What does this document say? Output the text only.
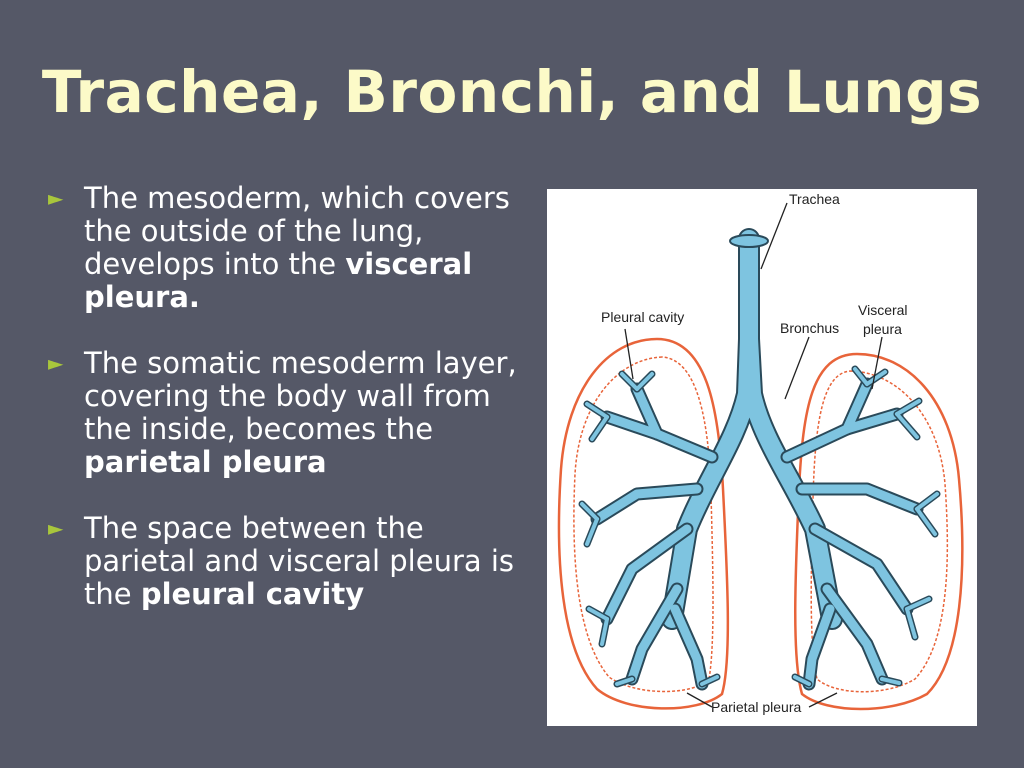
Trachea, Bronchi, and Lungs
► The mesoderm, which covers the outside of the lung, develops into the visceral pleura.
► The somatic mesoderm layer, covering the body wall from the inside, becomes the parietal pleura
► The space between the parietal and visceral pleura is the pleural cavity
Trachea
Pleural cavity
Bronchus
Visceral
pleura
Parietal pleura
